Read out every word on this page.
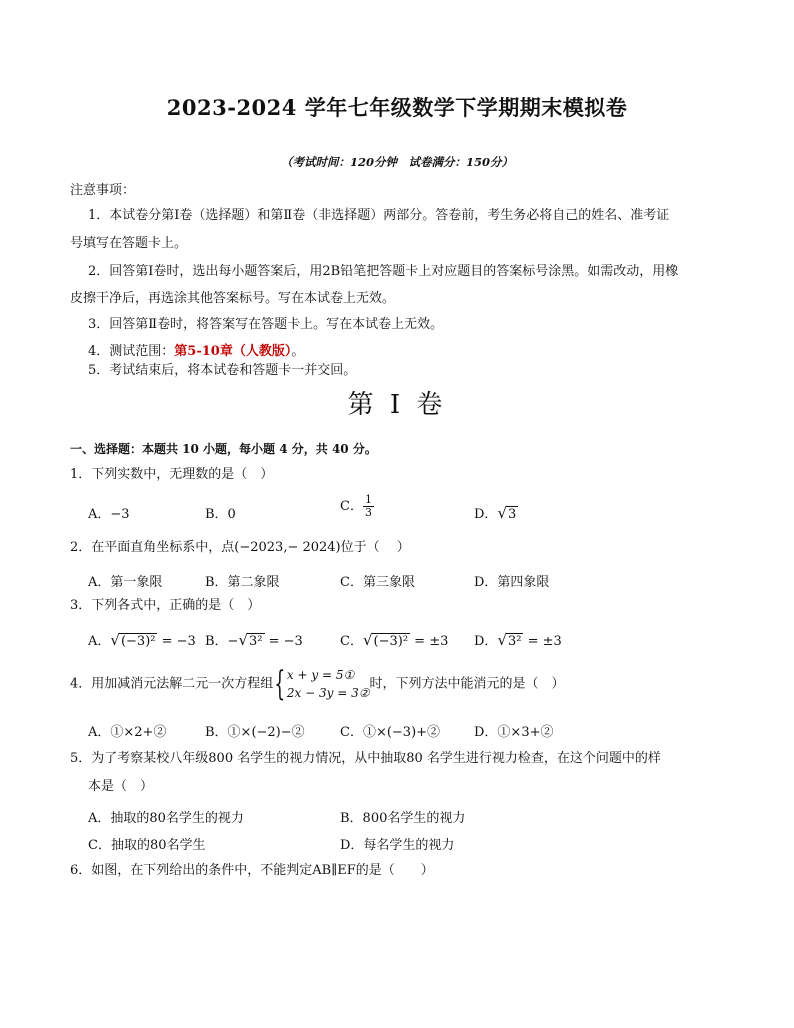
2023-2024 学年七年级数学下学期期末模拟卷
（考试时间：120分钟　试卷满分：150分）
注意事项：
1．本试卷分第Ⅰ卷（选择题）和第Ⅱ卷（非选择题）两部分。答卷前，考生务必将自己的姓名、准考证
号填写在答题卡上。
2．回答第Ⅰ卷时，选出每小题答案后，用2B铅笔把答题卡上对应题目的答案标号涂黑。如需改动，用橡
皮擦干净后，再选涂其他答案标号。写在本试卷上无效。
3．回答第Ⅱ卷时，将答案写在答题卡上。写在本试卷上无效。
4．测试范围：第5-10章（人教版）。
5．考试结束后，将本试卷和答题卡一并交回。
第 I 卷
一、选择题：本题共 10 小题，每小题 4 分，共 40 分。
1．下列实数中，无理数的是（　）
A．−3	B．0
C． $\frac{1}{3}$	D．√3
2．在平面直角坐标系中，点(−2023,− 2024)位于（　 ）
A．第一象限	B．第二象限	C．第三象限	D．第四象限
3．下列各式中，正确的是（　）
A．√(−3)² = −3 B．−√3² = −3	C．√(−3)² = ±3 D．√3² = ±3
4．用加减消元法解二元一次方程组{ x + y = 5①
2x − 3y = 3②
时，下列方法中能消元的是（　）
A．①×2+②	B．①×(−2)−②	C．①×(−3)+②	D．①×3+②
5．为了考察某校八年级800 名学生的视力情况，从中抽取80 名学生进行视力检查，在这个问题中的样
本是（　）
A．抽取的80名学生的视力	B．800名学生的视力
C．抽取的80名学生	D．每名学生的视力
6．如图，在下列给出的条件中，不能判定AB∥EF的是（　　）
